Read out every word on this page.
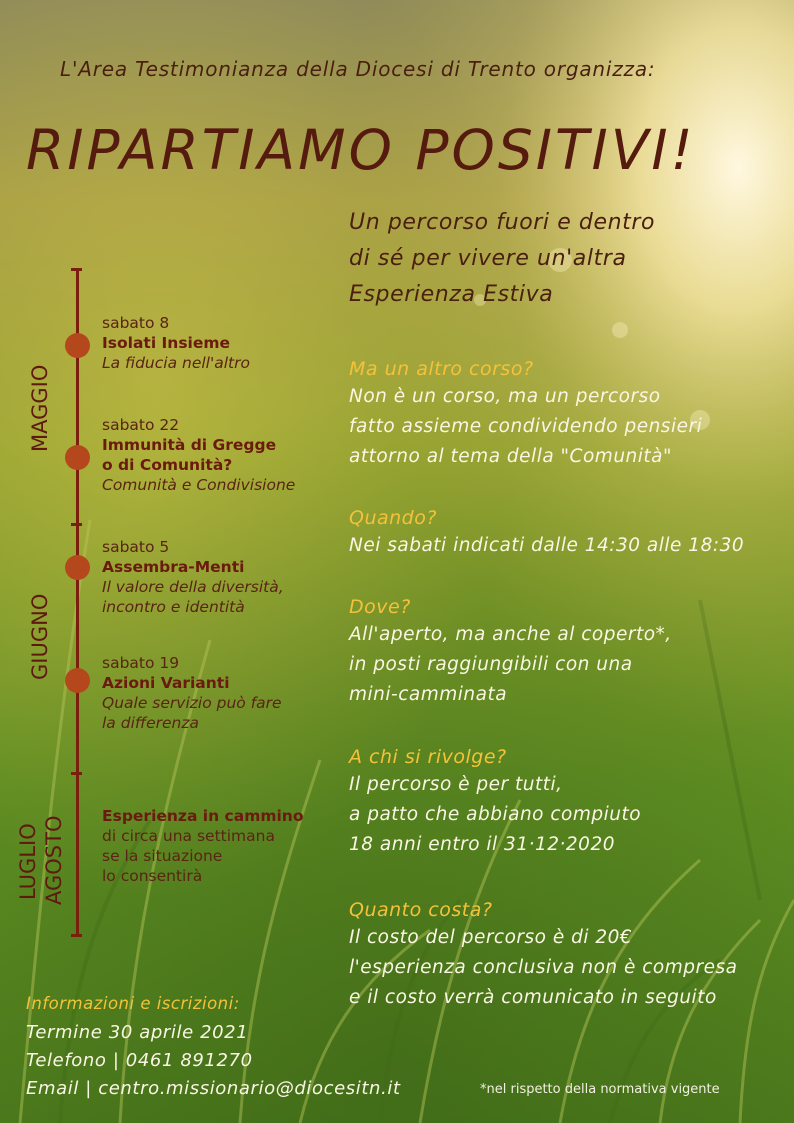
L'Area Testimonianza della Diocesi di Trento organizza:
RIPARTIAMO POSITIVI!
Un percorso fuori e dentro
di sé per vivere un'altra
Esperienza Estiva
MAGGIO
GIUGNO
LUGLIO AGOSTO
sabato 8
Isolati Insieme
La fiducia nell'altro
sabato 22
Immunità di Gregge
o di Comunità?
Comunità e Condivisione
sabato 5
Assembra-Menti
Il valore della diversità,
incontro e identità
sabato 19
Azioni Varianti
Quale servizio può fare
la differenza
Esperienza in cammino
di circa una settimana
se la situazione
lo consentirà
Ma un altro corso?
Non è un corso, ma un percorso
fatto assieme condividendo pensieri
attorno al tema della "Comunità"
Quando?
Nei sabati indicati dalle 14:30 alle 18:30
Dove?
All'aperto, ma anche al coperto*,
in posti raggiungibili con una
mini-camminata
A chi si rivolge?
Il percorso è per tutti,
a patto che abbiano compiuto
18 anni entro il 31·12·2020
Quanto costa?
Il costo del percorso è di 20€
l'esperienza conclusiva non è compresa
e il costo verrà comunicato in seguito
Informazioni e iscrizioni:
Termine 30 aprile 2021
Telefono | 0461 891270
Email | centro.missionario@diocesitn.it	*nel rispetto della normativa vigente
